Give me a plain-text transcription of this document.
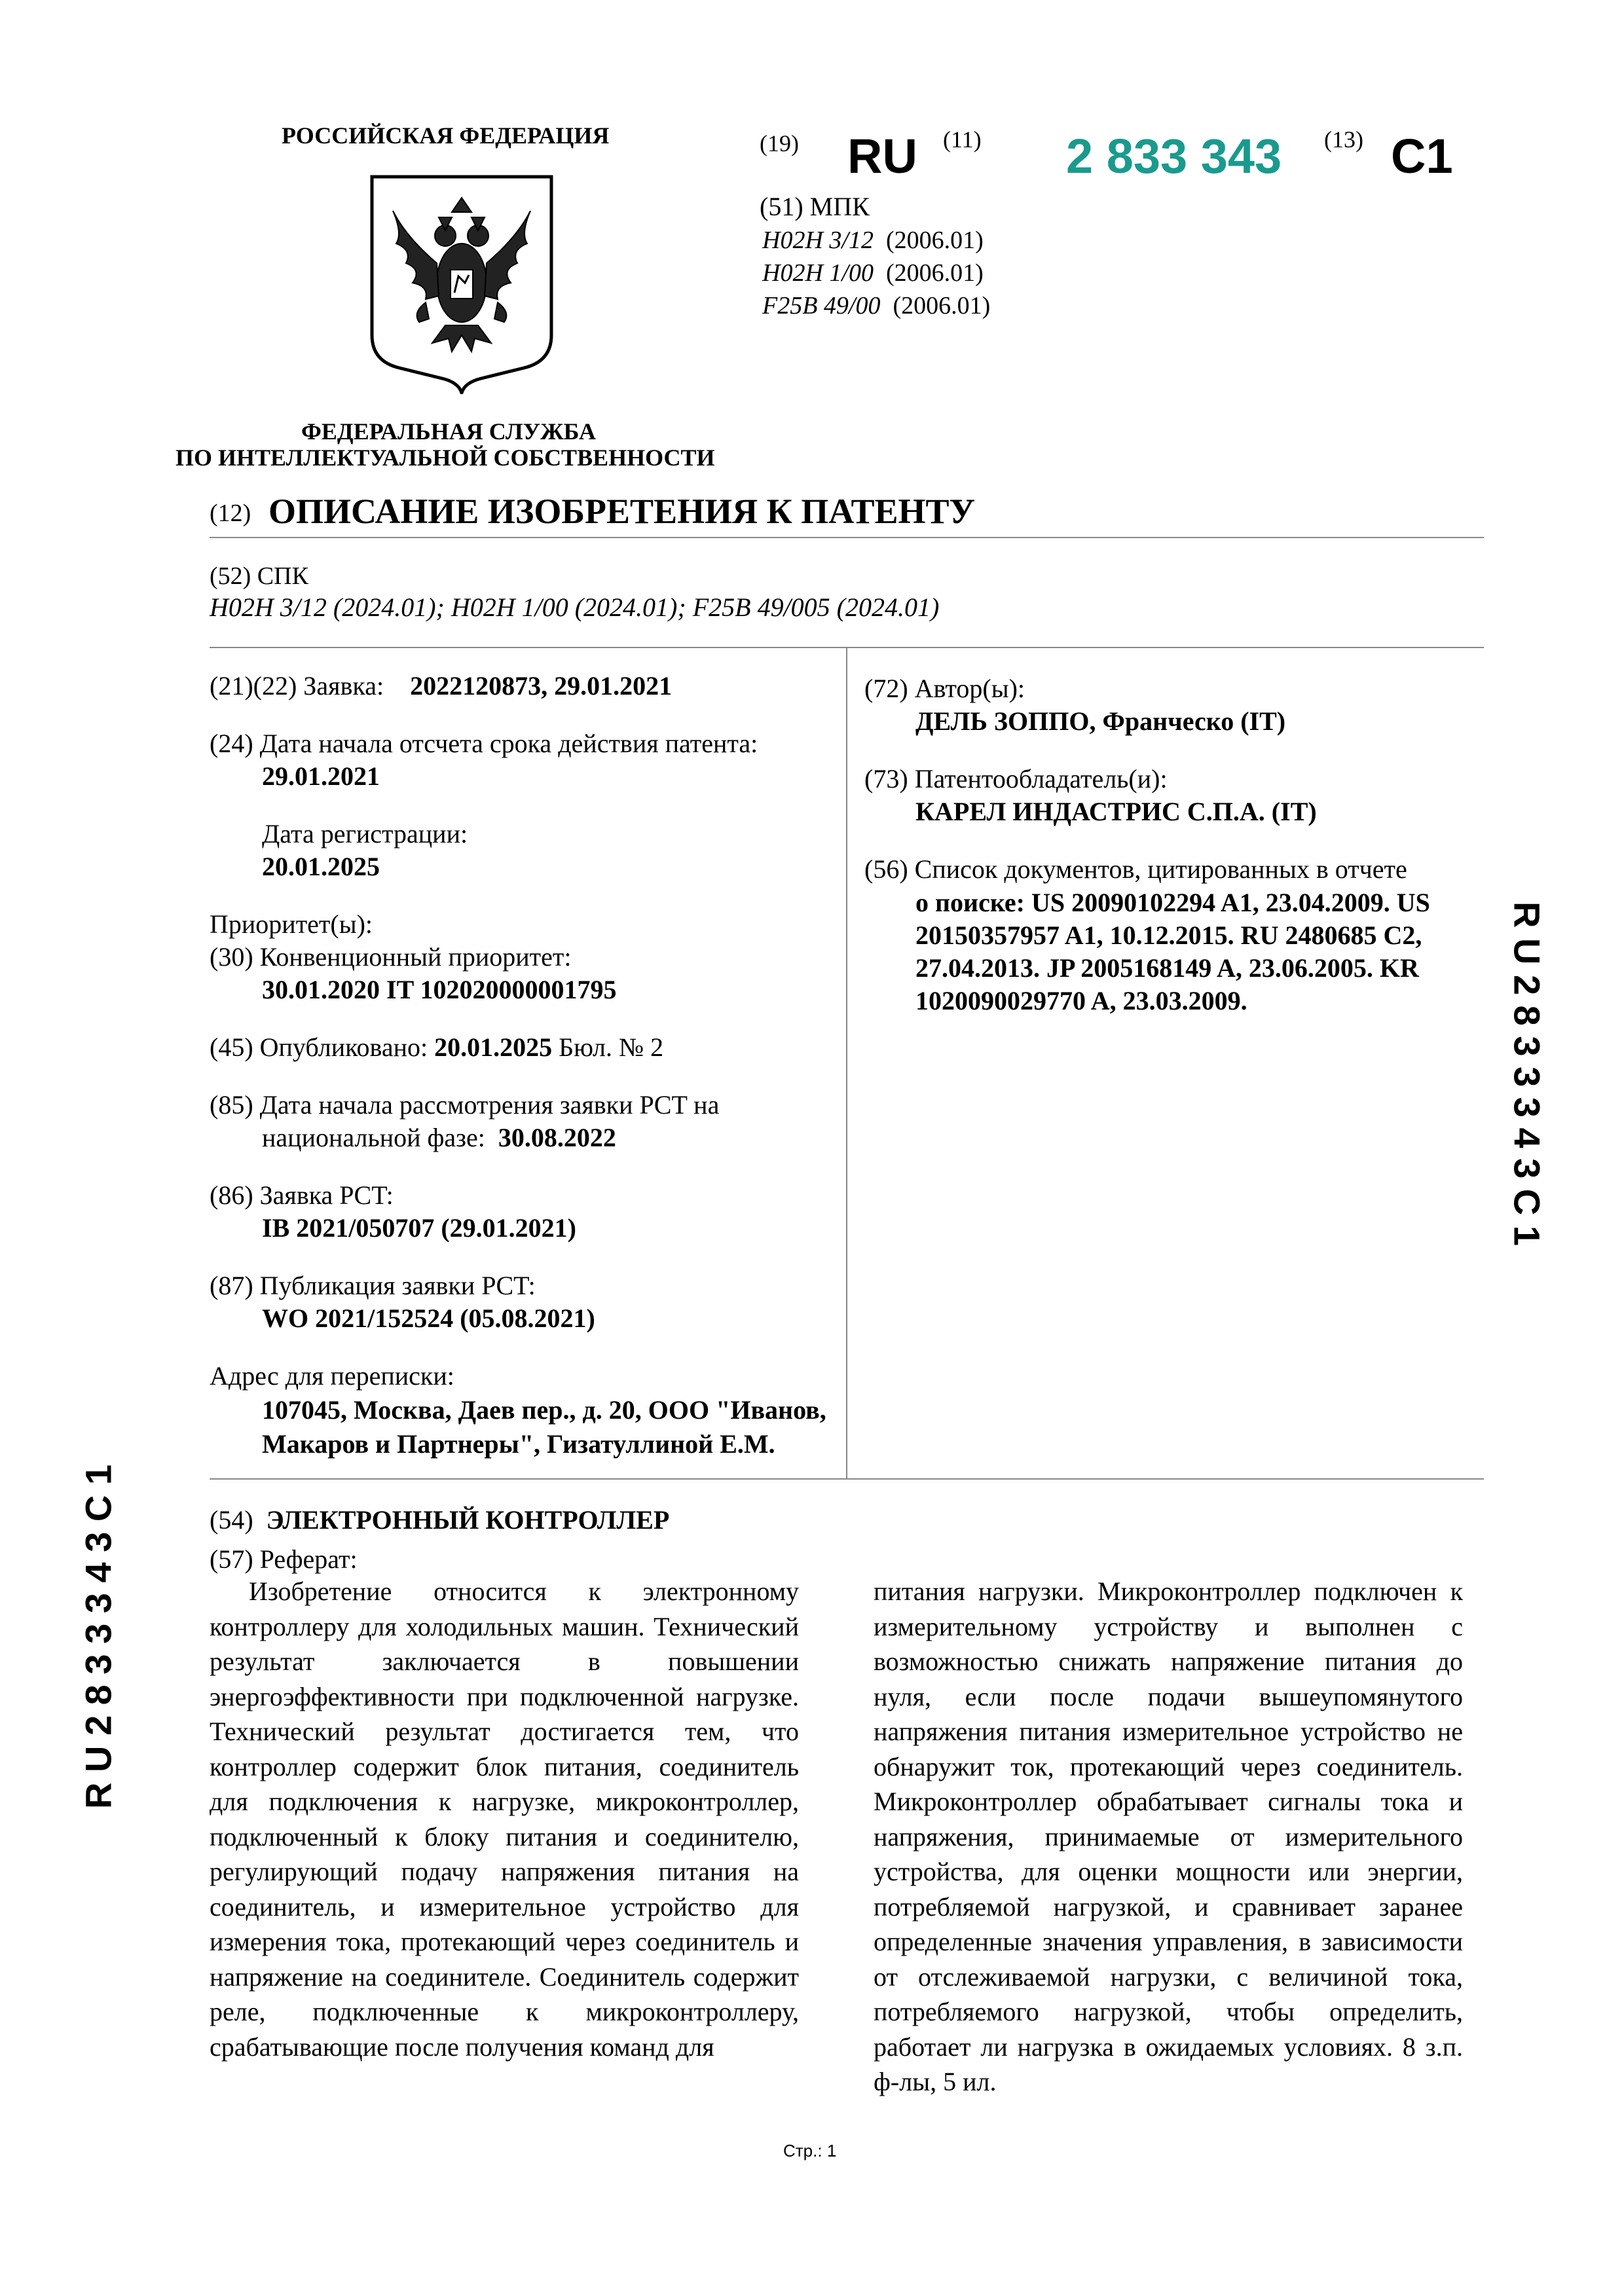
РОССИЙСКАЯ ФЕДЕРАЦИЯ
ФЕДЕРАЛЬНАЯ СЛУЖБА
ПО ИНТЕЛЛЕКТУАЛЬНОЙ СОБСТВЕННОСТИ
(19) RU (11) 2 833 343 (13) C1
(51) МПК
H02H 3/12 (2006.01)
H02H 1/00 (2006.01)
F25B 49/00 (2006.01)
(12) ОПИСАНИЕ ИЗОБРЕТЕНИЯ К ПАТЕНТУ
(52) СПК
H02H 3/12 (2024.01); H02H 1/00 (2024.01); F25B 49/005 (2024.01)
(21)(22) Заявка: 2022120873, 29.01.2021
(24) Дата начала отсчета срока действия патента:
29.01.2021
Дата регистрации:
20.01.2025
Приоритет(ы):
(30) Конвенционный приоритет:
30.01.2020 IT 102020000001795
(45) Опубликовано: 20.01.2025 Бюл. № 2
(85) Дата начала рассмотрения заявки PCT на
национальной фазе: 30.08.2022
(86) Заявка PCT:
IB 2021/050707 (29.01.2021)
(87) Публикация заявки PCT:
WO 2021/152524 (05.08.2021)
Адрес для переписки:
107045, Москва, Даев пер., д. 20, ООО "Иванов,
Макаров и Партнеры", Гизатуллиной Е.М.
(72) Автор(ы):
ДЕЛЬ ЗОППО, Франческо (IT)
(73) Патентообладатель(и):
КАРЕЛ ИНДАСТРИС С.П.А. (IT)
(56) Список документов, цитированных в отчете
о поиске: US 20090102294 A1, 23.04.2009. US
20150357957 A1, 10.12.2015. RU 2480685 C2,
27.04.2013. JP 2005168149 A, 23.06.2005. KR
1020090029770 A, 23.03.2009.
(54) ЭЛЕКТРОННЫЙ КОНТРОЛЛЕР
(57) Реферат:
Изобретение относится к электронному контроллеру для холодильных машин. Технический результат заключается в повышении энергоэффективности при подключенной нагрузке. Технический результат достигается тем, что контроллер содержит блок питания, соединитель для подключения к нагрузке, микроконтроллер, подключенный к блоку питания и соединителю, регулирующий подачу напряжения питания на соединитель, и измерительное устройство для измерения тока, протекающий через соединитель и напряжение на соединителе. Соединитель содержит реле, подключенные к микроконтроллеру, срабатывающие после получения команд для
питания нагрузки. Микроконтроллер подключен к измерительному устройству и выполнен с возможностью снижать напряжение питания до нуля, если после подачи вышеупомянутого напряжения питания измерительное устройство не обнаружит ток, протекающий через соединитель. Микроконтроллер обрабатывает сигналы тока и напряжения, принимаемые от измерительного устройства, для оценки мощности или энергии, потребляемой нагрузкой, и сравнивает заранее определенные значения управления, в зависимости от отслеживаемой нагрузки, с величиной тока, потребляемого нагрузкой, чтобы определить, работает ли нагрузка в ожидаемых условиях. 8 з.п. ф-лы, 5 ил.
R U 2 8 3 3 3 4 3 C 1
R U 2 8 3 3 3 4 3 C 1
Стр.: 1
